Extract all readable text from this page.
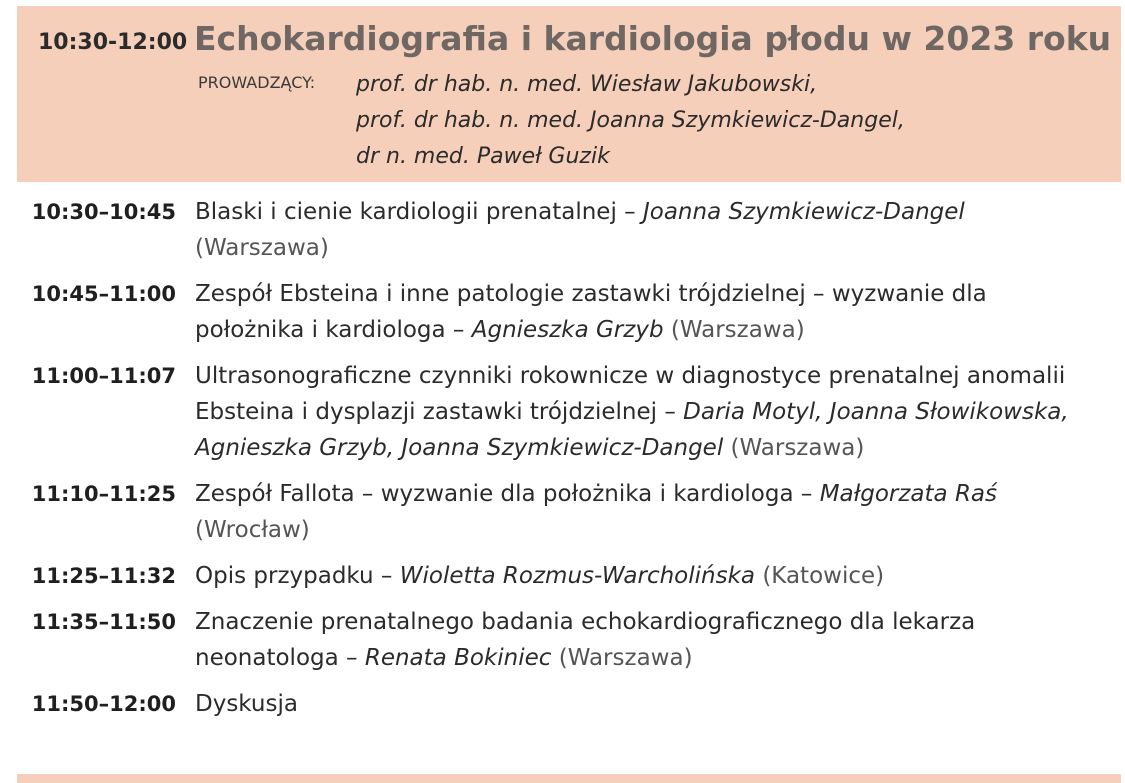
10:30-12:00 Echokardiografia i kardiologia płodu w 2023 roku
PROWADZĄCY: prof. dr hab. n. med. Wiesław Jakubowski,
prof. dr hab. n. med. Joanna Szymkiewicz-Dangel,
dr n. med. Paweł Guzik
10:30–10:45 Blaski i cienie kardiologii prenatalnej – Joanna Szymkiewicz-Dangel (Warszawa)
10:45–11:00 Zespół Ebsteina i inne patologie zastawki trójdzielnej – wyzwanie dla położnika i kardiologa – Agnieszka Grzyb (Warszawa)
11:00–11:07 Ultrasonograficzne czynniki rokownicze w diagnostyce prenatalnej anomalii Ebsteina i dysplazji zastawki trójdzielnej – Daria Motyl, Joanna Słowikowska, Agnieszka Grzyb, Joanna Szymkiewicz-Dangel (Warszawa)
11:10–11:25 Zespół Fallota – wyzwanie dla położnika i kardiologa – Małgorzata Raś (Wrocław)
11:25–11:32 Opis przypadku – Wioletta Rozmus-Warcholińska (Katowice)
11:35–11:50 Znaczenie prenatalnego badania echokardiograficznego dla lekarza neonatologa – Renata Bokiniec (Warszawa)
11:50–12:00 Dyskusja
